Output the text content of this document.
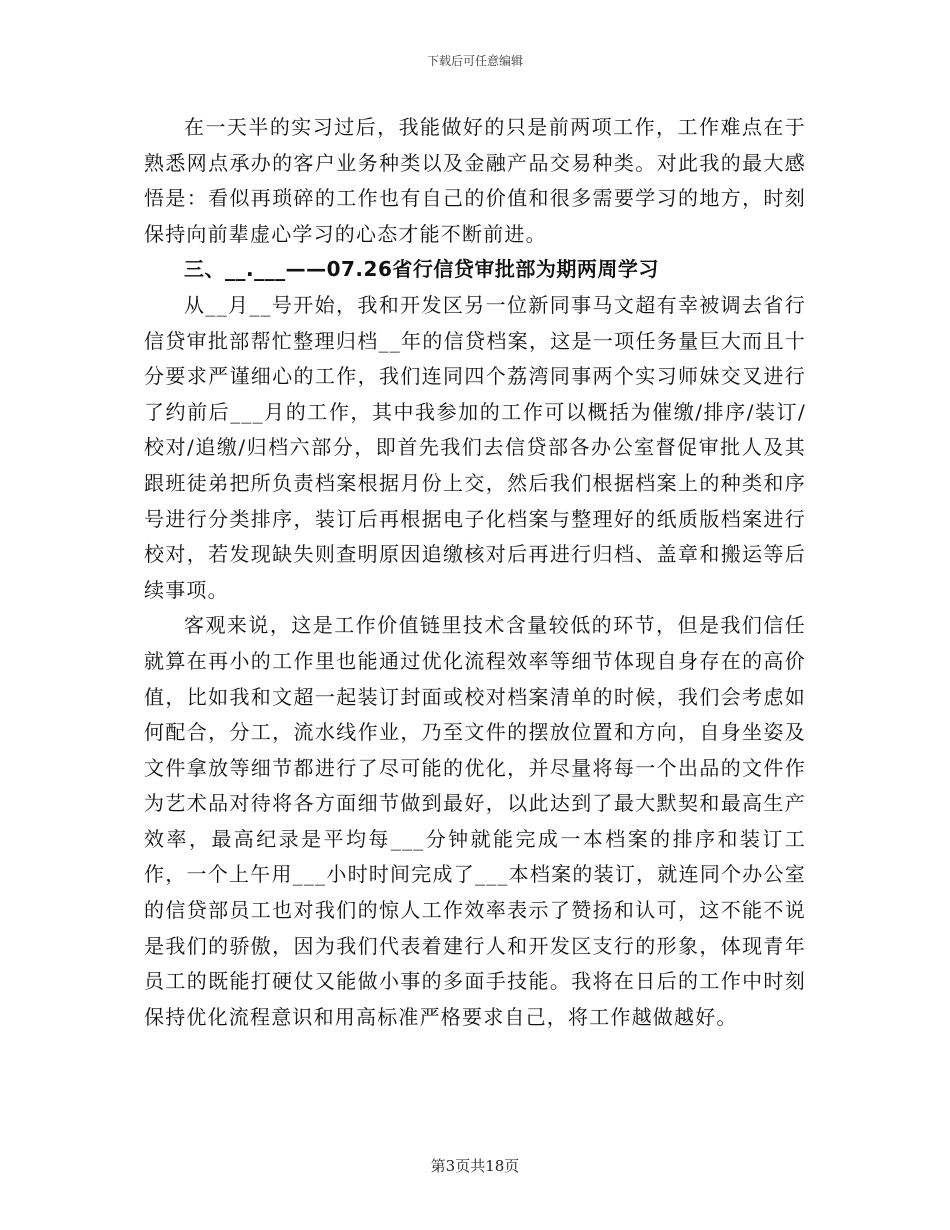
下载后可任意编辑

在一天半的实习过后，我能做好的只是前两项工作，工作难点在于熟悉网点承办的客户业务种类以及金融产品交易种类。对此我的最大感悟是：看似再琐碎的工作也有自己的价值和很多需要学习的地方，时刻保持向前辈虚心学习的心态才能不断前进。

三、__.___——07.26省行信贷审批部为期两周学习

从__月__号开始，我和开发区另一位新同事马文超有幸被调去省行信贷审批部帮忙整理归档__年的信贷档案，这是一项任务量巨大而且十分要求严谨细心的工作，我们连同四个荔湾同事两个实习师妹交叉进行了约前后___月的工作，其中我参加的工作可以概括为催缴/排序/装订/校对/追缴/归档六部分，即首先我们去信贷部各办公室督促审批人及其跟班徒弟把所负责档案根据月份上交，然后我们根据档案上的种类和序号进行分类排序，装订后再根据电子化档案与整理好的纸质版档案进行校对，若发现缺失则查明原因追缴核对后再进行归档、盖章和搬运等后续事项。

客观来说，这是工作价值链里技术含量较低的环节，但是我们信任就算在再小的工作里也能通过优化流程效率等细节体现自身存在的高价值，比如我和文超一起装订封面或校对档案清单的时候，我们会考虑如何配合，分工，流水线作业，乃至文件的摆放位置和方向，自身坐姿及文件拿放等细节都进行了尽可能的优化，并尽量将每一个出品的文件作为艺术品对待将各方面细节做到最好，以此达到了最大默契和最高生产效率，最高纪录是平均每___分钟就能完成一本档案的排序和装订工作，一个上午用___小时时间完成了___本档案的装订，就连同个办公室的信贷部员工也对我们的惊人工作效率表示了赞扬和认可，这不能不说是我们的骄傲，因为我们代表着建行人和开发区支行的形象，体现青年员工的既能打硬仗又能做小事的多面手技能。我将在日后的工作中时刻保持优化流程意识和用高标准严格要求自己，将工作越做越好。

第3页共18页
